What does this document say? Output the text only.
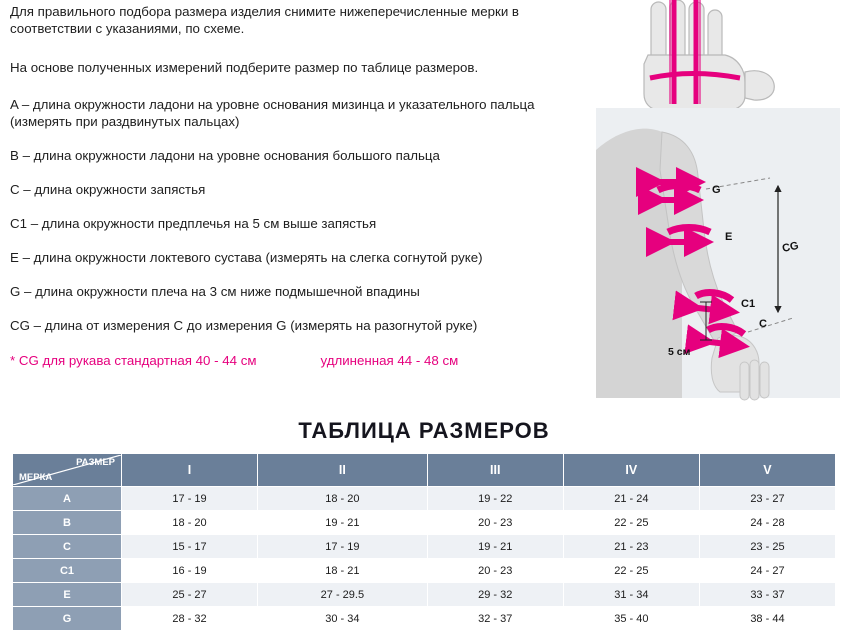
Для правильного подбора размера изделия снимите нижеперечисленные мерки в соответствии с указаниями, по схеме.

На основе полученных измерений подберите размер по таблице размеров.

A – длина окружности ладони на уровне основания мизинца и указательного пальца (измерять при раздвинутых пальцах)

B – длина окружности ладони на уровне основания большого пальца

C – длина окружности запястья

C1 – длина окружности предплечья на 5 см выше запястья

E – длина окружности локтевого сустава (измерять на слегка согнутой руке)

G – длина окружности плеча на 3 см ниже подмышечной впадины

CG – длина от измерения C до измерения G (измерять на разогнутой руке)

* CG для рукава стандартная 40 - 44 см	удлиненная 44 - 48 см

G
E
C1
C
CG
5 см
ТАБЛИЦА РАЗМЕРОВ
РАЗМЕР
МЕРКА	I	II	III	IV	V
A	17 - 19	18 - 20	19 - 22	21 - 24	23 - 27
B	18 - 20	19 - 21	20 - 23	22 - 25	24 - 28
C	15 - 17	17 - 19	19 - 21	21 - 23	23 - 25
C1	16 - 19	18 - 21	20 - 23	22 - 25	24 - 27
E	25 - 27	27 - 29.5	29 - 32	31 - 34	33 - 37
G	28 - 32	30 - 34	32 - 37	35 - 40	38 - 44
